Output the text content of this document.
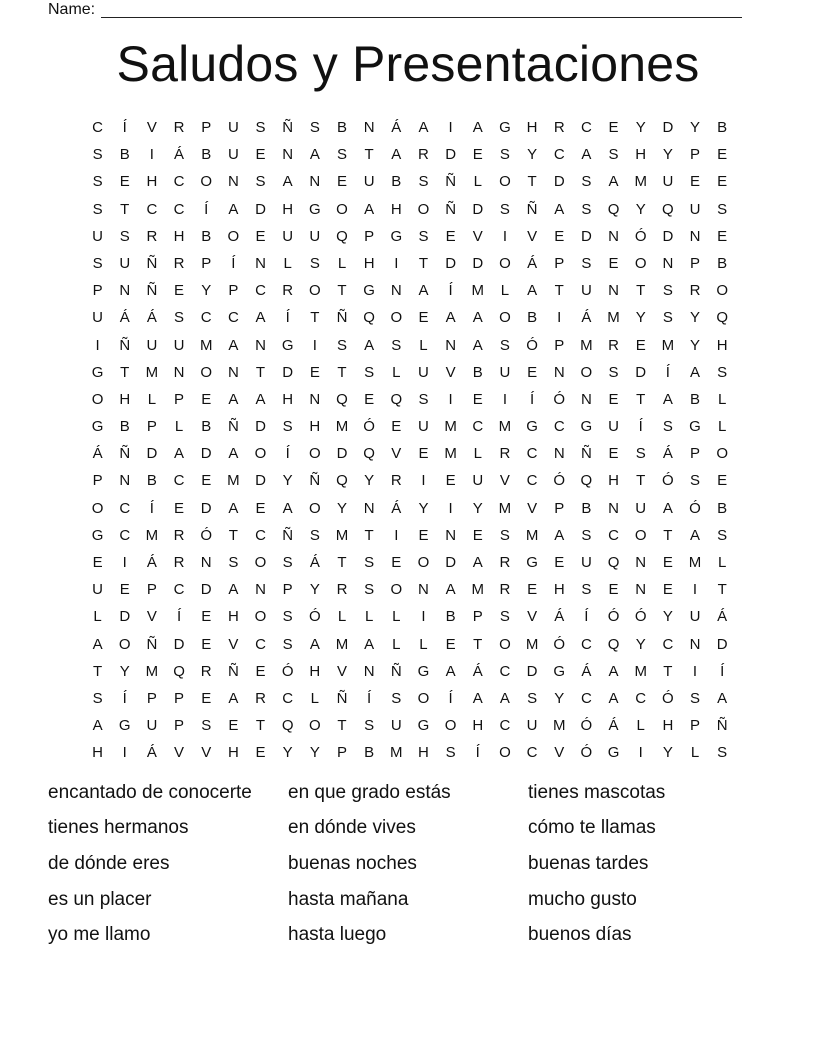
Name:
Saludos y Presentaciones
C	Í	V	R	P	U	S	Ñ	S	B	N	Á	A	I	A	G	H	R	C	E	Y	D	Y	B
S	B	I	Á	B	U	E	N	A	S	T	A	R	D	E	S	Y	C	A	S	H	Y	P	E
S	E	H	C	O	N	S	A	N	E	U	B	S	Ñ	L	O	T	D	S	A	M	U	E	E
S	T	C	C	Í	A	D	H	G	O	A	H	O	Ñ	D	S	Ñ	A	S	Q	Y	Q	U	S
U	S	R	H	B	O	E	U	U	Q	P	G	S	E	V	I	V	E	D	N	Ó	D	N	E
S	U	Ñ	R	P	Í	N	L	S	L	H	I	T	D	D	O	Á	P	S	E	O	N	P	B
P	N	Ñ	E	Y	P	C	R	O	T	G	N	A	Í	M	L	A	T	U	N	T	S	R	O
U	Á	Á	S	C	C	A	Í	T	Ñ	Q	O	E	A	A	O	B	I	Á	M	Y	S	Y	Q
I	Ñ	U	U	M	A	N	G	I	S	A	S	L	N	A	S	Ó	P	M	R	E	M	Y	H
G	T	M	N	O	N	T	D	E	T	S	L	U	V	B	U	E	N	O	S	D	Í	A	S
O	H	L	P	E	A	A	H	N	Q	E	Q	S	I	E	I	Í	Ó	N	E	T	A	B	L
G	B	P	L	B	Ñ	D	S	H	M	Ó	E	U	M	C	M	G	C	G	U	Í	S	G	L
Á	Ñ	D	A	D	A	O	Í	O	D	Q	V	E	M	L	R	C	N	Ñ	E	S	Á	P	O
P	N	B	C	E	M	D	Y	Ñ	Q	Y	R	I	E	U	V	C	Ó	Q	H	T	Ó	S	E
O	C	Í	E	D	A	E	A	O	Y	N	Á	Y	I	Y	M	V	P	B	N	U	A	Ó	B
G	C	M	R	Ó	T	C	Ñ	S	M	T	I	E	N	E	S	M	A	S	C	O	T	A	S
E	I	Á	R	N	S	O	S	Á	T	S	E	O	D	A	R	G	E	U	Q	N	E	M	L
U	E	P	C	D	A	N	P	Y	R	S	O	N	A	M	R	E	H	S	E	N	E	I	T
L	D	V	Í	E	H	O	S	Ó	L	L	L	I	B	P	S	V	Á	Í	Ó	Ó	Y	U	Á
A	O	Ñ	D	E	V	C	S	A	M	A	L	L	E	T	O	M	Ó	C	Q	Y	C	N	D
T	Y	M	Q	R	Ñ	E	Ó	H	V	N	Ñ	G	A	Á	C	D	G	Á	A	M	T	I	Í
S	Í	P	P	E	A	R	C	L	Ñ	Í	S	O	Í	A	A	S	Y	C	A	C	Ó	S	A
A	G	U	P	S	E	T	Q	O	T	S	U	G	O	H	C	U	M	Ó	Á	L	H	P	Ñ
H	I	Á	V	V	H	E	Y	Y	P	B	M	H	S	Í	O	C	V	Ó	G	I	Y	L	S
encantado de conocerte	en que grado estás	tienes mascotas
tienes hermanos	en dónde vives	cómo te llamas
de dónde eres	buenas noches	buenas tardes
es un placer	hasta mañana	mucho gusto
yo me llamo	hasta luego	buenos días
